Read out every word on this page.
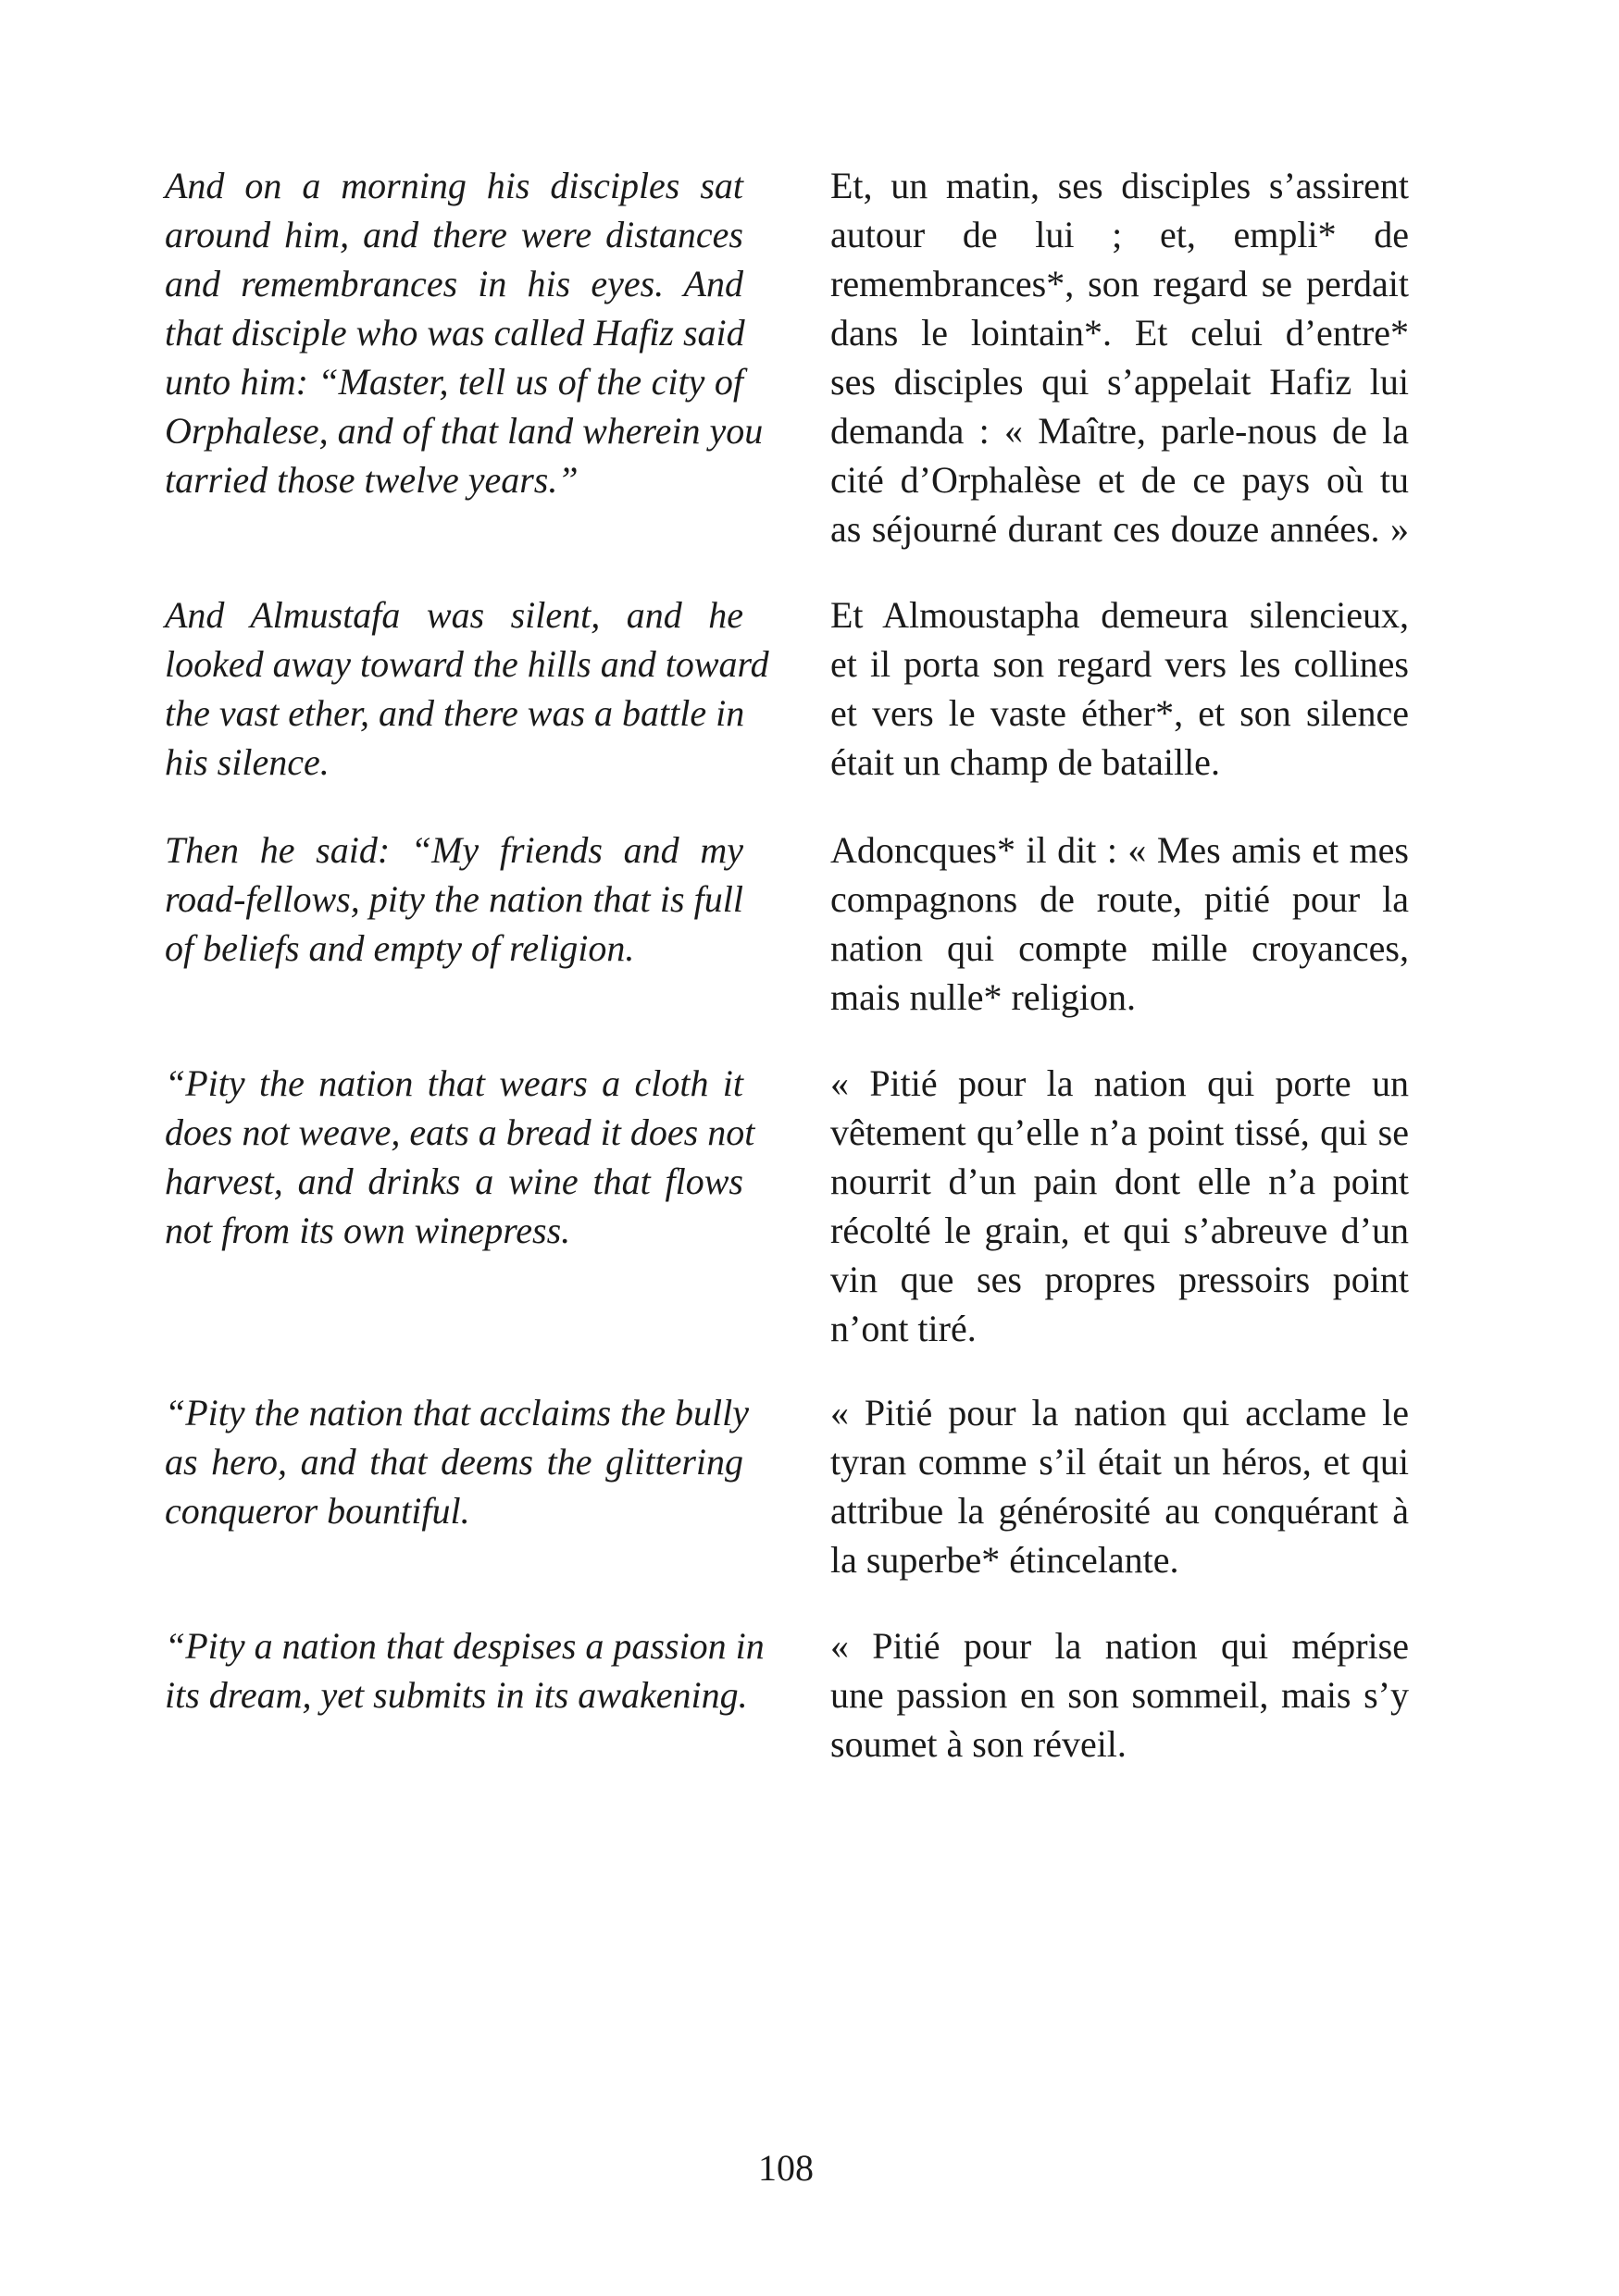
And on a morning his disciples sat
around him, and there were distances
and remembrances in his eyes. And
that disciple who was called Hafiz said
unto him: “Master, tell us of the city of
Orphalese, and of that land wherein you
tarried those twelve years.”
Et, un matin, ses disciples s’assirent
autour de lui ; et, empli* de
remembrances*, son regard se perdait
dans le lointain*. Et celui d’entre*
ses disciples qui s’appelait Hafiz lui
demanda : « Maître, parle-nous de la
cité d’Orphalèse et de ce pays où tu
as séjourné durant ces douze années. »
And Almustafa was silent, and he
looked away toward the hills and toward
the vast ether, and there was a battle in
his silence.
Et Almoustapha demeura silencieux,
et il porta son regard vers les collines
et vers le vaste éther*, et son silence
était un champ de bataille.
Then he said: “My friends and my
road-fellows, pity the nation that is full
of beliefs and empty of religion.
Adoncques* il dit : « Mes amis et mes
compagnons de route, pitié pour la
nation qui compte mille croyances,
mais nulle* religion.
“Pity the nation that wears a cloth it
does not weave, eats a bread it does not
harvest, and drinks a wine that flows
not from its own winepress.
« Pitié pour la nation qui porte un
vêtement qu’elle n’a point tissé, qui se
nourrit d’un pain dont elle n’a point
récolté le grain, et qui s’abreuve d’un
vin que ses propres pressoirs point
n’ont tiré.
“Pity the nation that acclaims the bully
as hero, and that deems the glittering
conqueror bountiful.
« Pitié pour la nation qui acclame le
tyran comme s’il était un héros, et qui
attribue la générosité au conquérant à
la superbe* étincelante.
“Pity a nation that despises a passion in
its dream, yet submits in its awakening.
« Pitié pour la nation qui méprise
une passion en son sommeil, mais s’y
soumet à son réveil.
108
